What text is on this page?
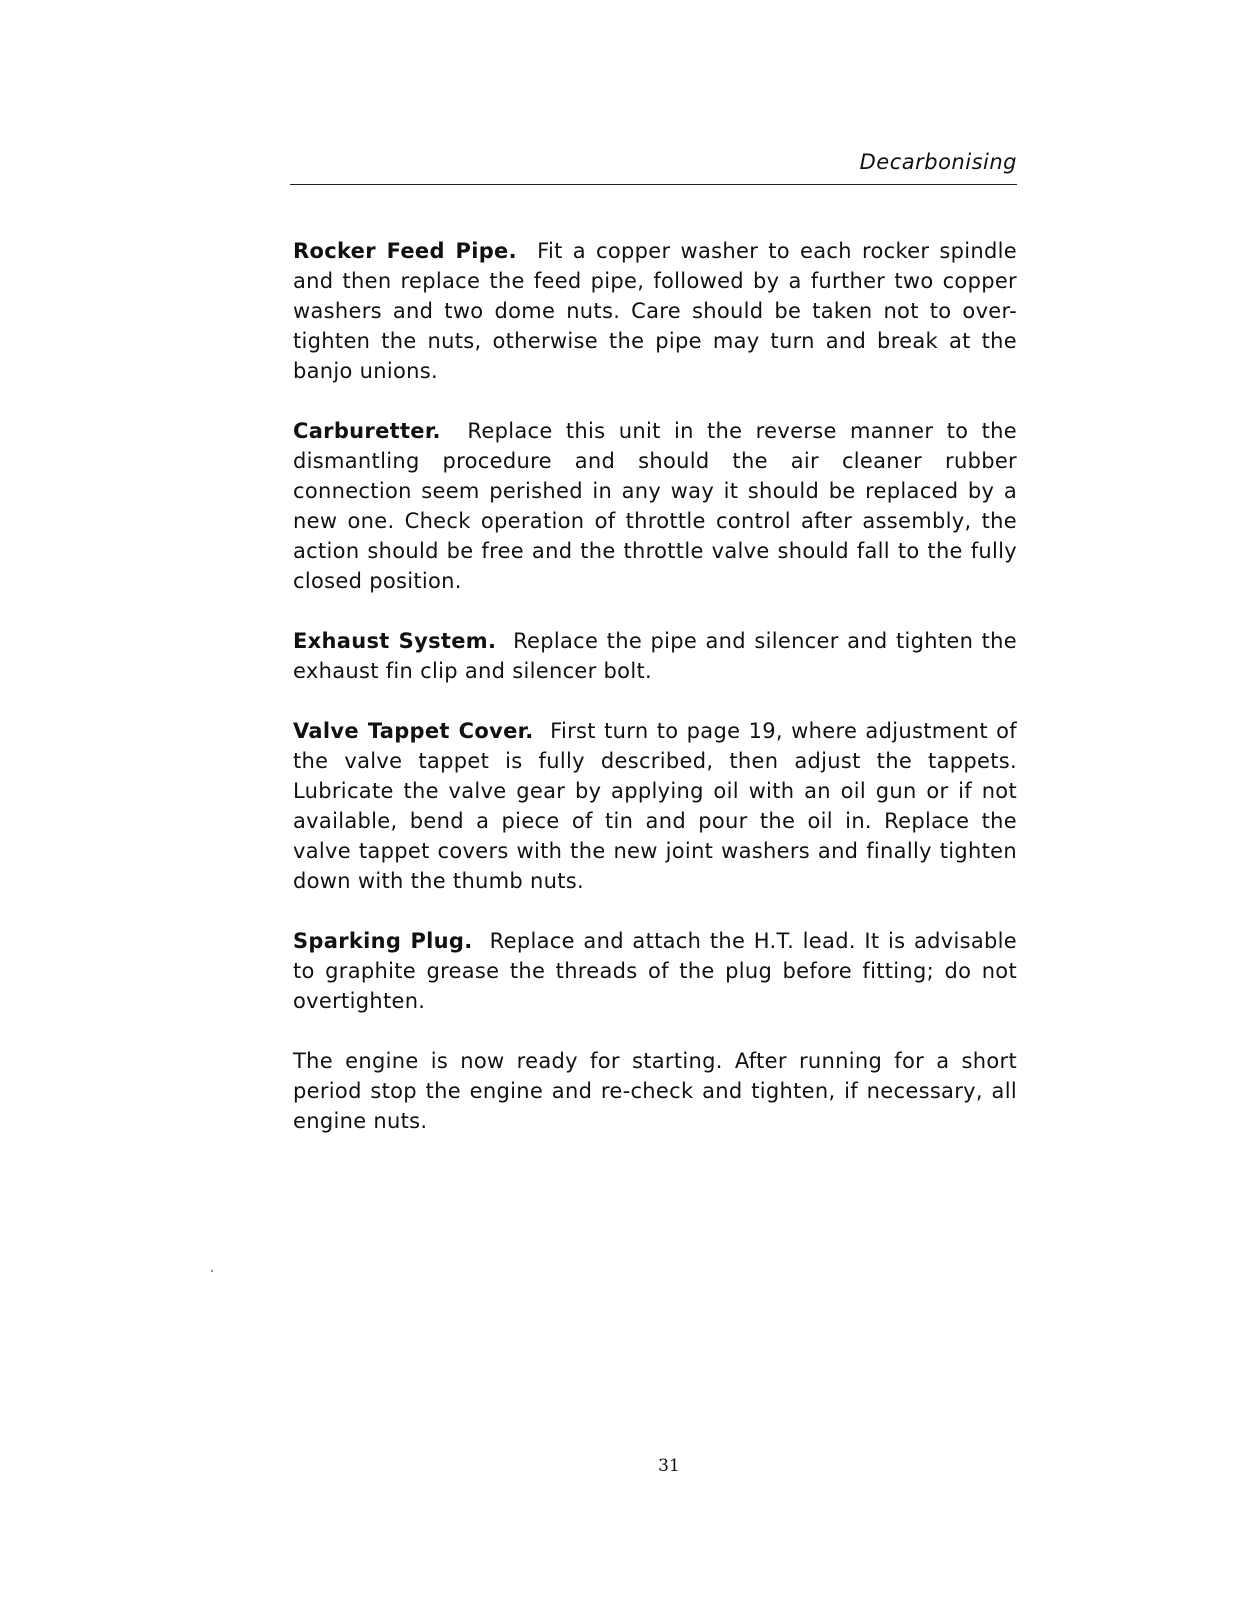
Decarbonising

Rocker Feed Pipe. Fit a copper washer to each rocker spindle and then replace the feed pipe, followed by a further two copper washers and two dome nuts. Care should be taken not to over-tighten the nuts, otherwise the pipe may turn and break at the banjo unions.

Carburetter. Replace this unit in the reverse manner to the dismantling procedure and should the air cleaner rubber connection seem perished in any way it should be replaced by a new one. Check operation of throttle control after assembly, the action should be free and the throttle valve should fall to the fully closed position.

Exhaust System. Replace the pipe and silencer and tighten the exhaust fin clip and silencer bolt.

Valve Tappet Cover. First turn to page 19, where adjustment of the valve tappet is fully described, then adjust the tappets. Lubricate the valve gear by applying oil with an oil gun or if not available, bend a piece of tin and pour the oil in. Replace the valve tappet covers with the new joint washers and finally tighten down with the thumb nuts.

Sparking Plug. Replace and attach the H.T. lead. It is advisable to graphite grease the threads of the plug before fitting; do not overtighten.

The engine is now ready for starting. After running for a short period stop the engine and re-check and tighten, if necessary, all engine nuts.

31
